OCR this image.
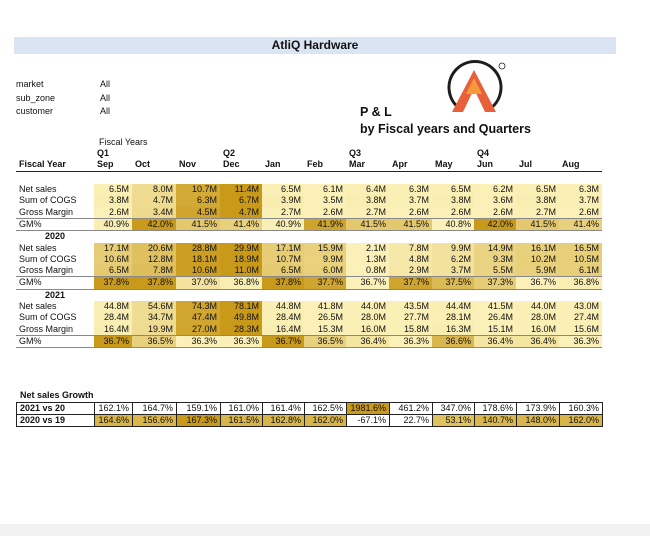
AtliQ Hardware
market	All
sub_zone	All
customer	All	P & L
by Fiscal years and Quarters
Fiscal Years
	Q1			Q2			Q3			Q4		
Fiscal Year	Sep	Oct	Nov	Dec	Jan	Feb	Mar	Apr	May	Jun	Jul	Aug

Net sales	6.5M	8.0M	10.7M	11.4M	6.5M	6.1M	6.4M	6.3M	6.5M	6.2M	6.5M	6.3M
Sum of COGS	3.8M	4.7M	6.3M	6.7M	3.9M	3.5M	3.8M	3.7M	3.8M	3.6M	3.8M	3.7M
Gross Margin	2.6M	3.4M	4.5M	4.7M	2.7M	2.6M	2.7M	2.6M	2.6M	2.6M	2.7M	2.6M
GM%	40.9%	42.0%	41.5%	41.4%	40.9%	41.9%	41.5%	41.5%	40.8%	42.0%	41.5%	41.4%
2020												
Net sales	17.1M	20.6M	28.8M	29.9M	17.1M	15.9M	2.1M	7.8M	9.9M	14.9M	16.1M	16.5M
Sum of COGS	10.6M	12.8M	18.1M	18.9M	10.7M	9.9M	1.3M	4.8M	6.2M	9.3M	10.2M	10.5M
Gross Margin	6.5M	7.8M	10.6M	11.0M	6.5M	6.0M	0.8M	2.9M	3.7M	5.5M	5.9M	6.1M
GM%	37.8%	37.8%	37.0%	36.8%	37.8%	37.7%	36.7%	37.7%	37.5%	37.3%	36.7%	36.8%
2021												
Net sales	44.8M	54.6M	74.3M	78.1M	44.8M	41.8M	44.0M	43.5M	44.4M	41.5M	44.0M	43.0M
Sum of COGS	28.4M	34.7M	47.4M	49.8M	28.4M	26.5M	28.0M	27.7M	28.1M	26.4M	28.0M	27.4M
Gross Margin	16.4M	19.9M	27.0M	28.3M	16.4M	15.3M	16.0M	15.8M	16.3M	15.1M	16.0M	15.6M
GM%	36.7%	36.5%	36.3%	36.3%	36.7%	36.5%	36.4%	36.3%	36.6%	36.4%	36.4%	36.3%
Net sales Growth
2021 vs 20	162.1%	164.7%	159.1%	161.0%	161.4%	162.5%	1981.6%	461.2%	347.0%	178.6%	173.9%	160.3%
2020 vs 19	164.6%	156.6%	167.3%	161.5%	162.8%	162.0%	-67.1%	22.7%	53.1%	140.7%	148.0%	162.0%
